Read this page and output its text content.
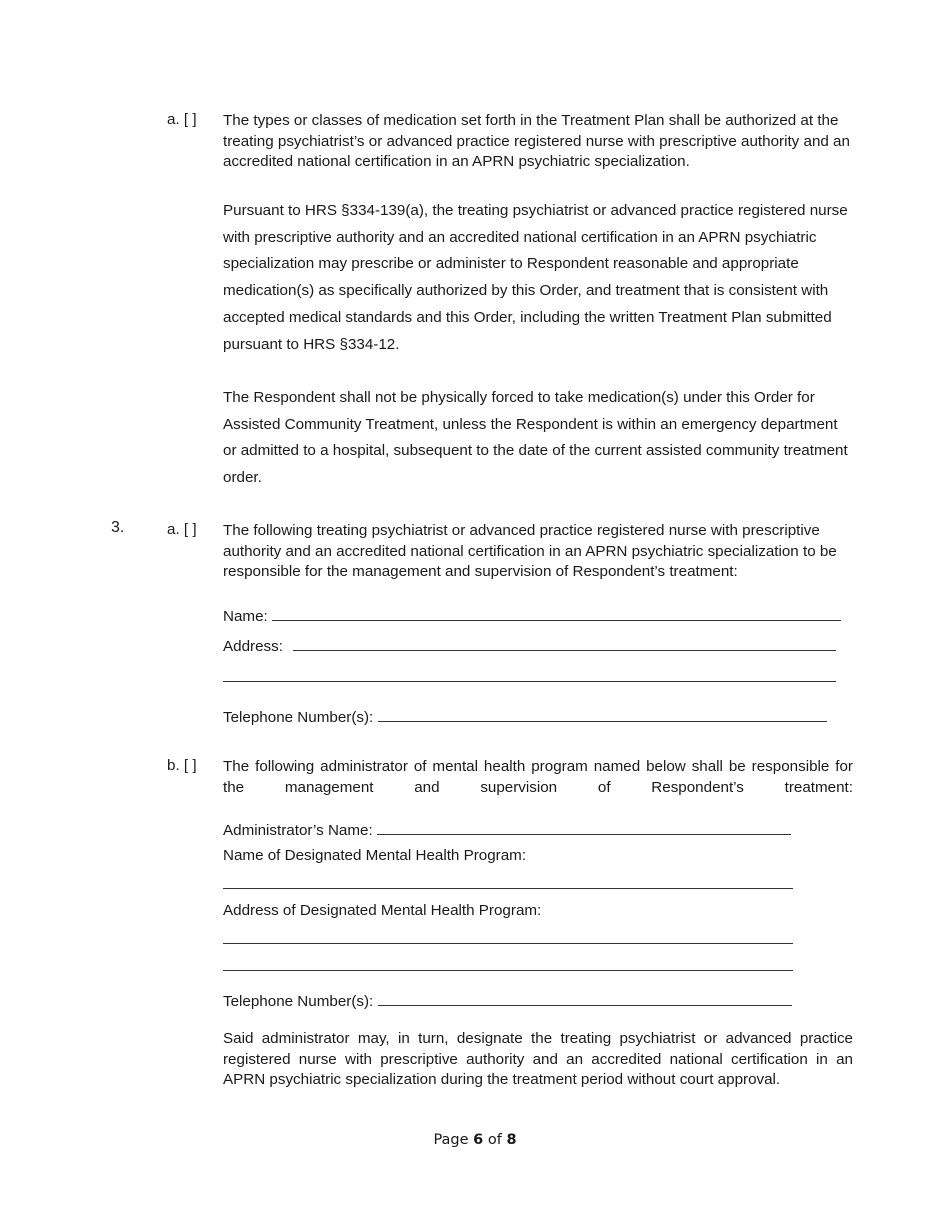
a. [ ] The types or classes of medication set forth in the Treatment Plan shall be authorized at the treating psychiatrist’s or advanced practice registered nurse with prescriptive authority and an accredited national certification in an APRN psychiatric specialization.

Pursuant to HRS §334-139(a), the treating psychiatrist or advanced practice registered nurse with prescriptive authority and an accredited national certification in an APRN psychiatric specialization may prescribe or administer to Respondent reasonable and appropriate medication(s) as specifically authorized by this Order, and treatment that is consistent with accepted medical standards and this Order, including the written Treatment Plan submitted pursuant to HRS §334-12.

The Respondent shall not be physically forced to take medication(s) under this Order for Assisted Community Treatment, unless the Respondent is within an emergency department or admitted to a hospital, subsequent to the date of the current assisted community treatment order.

3.	a. [ ] The following treating psychiatrist or advanced practice registered nurse with prescriptive authority and an accredited national certification in an APRN psychiatric specialization to be responsible for the management and supervision of Respondent’s treatment:

Name:
Address:
Telephone Number(s):
b. [ ] The following administrator of mental health program named below shall be responsible for the management and supervision of Respondent’s treatment:

Administrator’s Name:
Name of Designated Mental Health Program:
Address of Designated Mental Health Program:
Telephone Number(s):

Said administrator may, in turn, designate the treating psychiatrist or advanced practice registered nurse with prescriptive authority and an accredited national certification in an APRN psychiatric specialization during the treatment period without court approval.

Page 6 of 8
